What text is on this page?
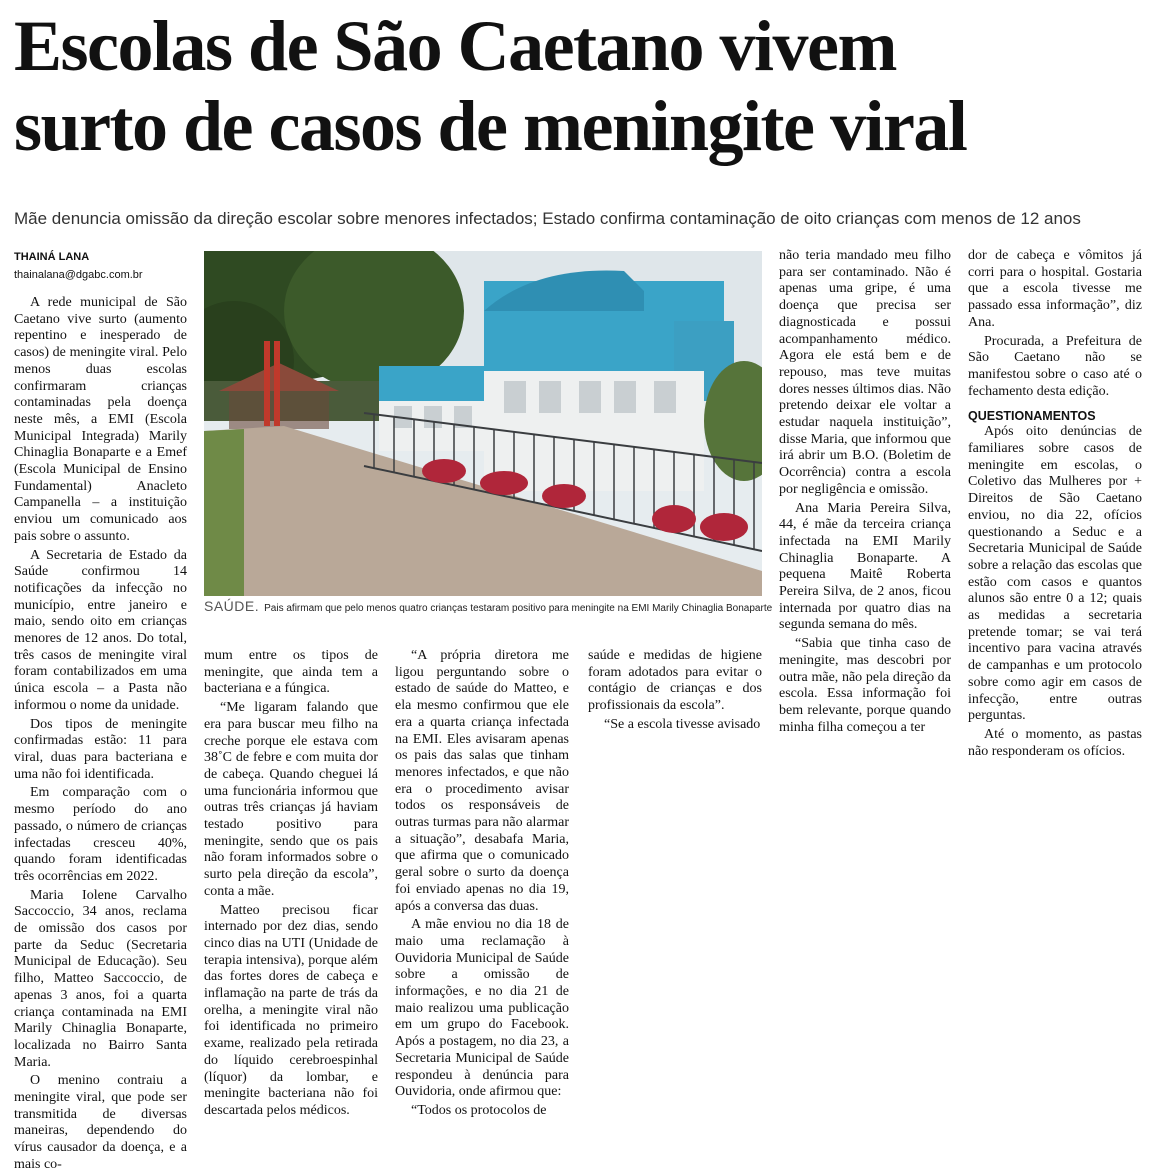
Escolas de São Caetano vivem
surto de casos de meningite viral
Mãe denuncia omissão da direção escolar sobre menores infectados; Estado confirma contaminação de oito crianças com menos de 12 anos
THAINÁ LANA
thainalana@dgabc.com.br
SAÚDE. Pais afirmam que pelo menos quatro crianças testaram positivo para meningite na EMI Marily Chinaglia Bonaparte

A rede municipal de São Caetano vive surto (aumento repentino e inesperado de casos) de meningite viral. Pelo menos duas escolas confirmaram crianças contaminadas pela doença neste mês, a EMI (Escola Municipal Integrada) Marily Chinaglia Bonaparte e a Emef (Escola Municipal de Ensino Fundamental) Anacleto Campanella – a instituição enviou um comunicado aos pais sobre o assunto.

A Secretaria de Estado da Saúde confirmou 14 notificações da infecção no município, entre janeiro e maio, sendo oito em crianças menores de 12 anos. Do total, três casos de meningite viral foram contabilizados em uma única escola – a Pasta não informou o nome da unidade.

Dos tipos de meningite confirmadas estão: 11 para viral, duas para bacteriana e uma não foi identificada.

Em comparação com o mesmo período do ano passado, o número de crianças infectadas cresceu 40%, quando foram identificadas três ocorrências em 2022.

Maria Iolene Carvalho Saccoccio, 34 anos, reclama de omissão dos casos por parte da Seduc (Secretaria Municipal de Educação). Seu filho, Matteo Saccoccio, de apenas 3 anos, foi a quarta criança contaminada na EMI Marily Chinaglia Bonaparte, localizada no Bairro Santa Maria.

O menino contraiu a meningite viral, que pode ser transmitida de diversas maneiras, dependendo do vírus causador da doença, e a mais co-

mum entre os tipos de meningite, que ainda tem a bacteriana e a fúngica.

“Me ligaram falando que era para buscar meu filho na creche porque ele estava com 38˚C de febre e com muita dor de cabeça. Quando cheguei lá uma funcionária informou que outras três crianças já haviam testado positivo para meningite, sendo que os pais não foram informados sobre o surto pela direção da escola”, conta a mãe.

Matteo precisou ficar internado por dez dias, sendo cinco dias na UTI (Unidade de terapia intensiva), porque além das fortes dores de cabeça e inflamação na parte de trás da orelha, a meningite viral não foi identificada no primeiro exame, realizado pela retirada do líquido cerebroespinhal (líquor) da lombar, e meningite bacteriana não foi descartada pelos médicos.

“A própria diretora me ligou perguntando sobre o estado de saúde do Matteo, e ela mesmo confirmou que ele era a quarta criança infectada na EMI. Eles avisaram apenas os pais das salas que tinham menores infectados, e que não era o procedimento avisar todos os responsáveis de outras turmas para não alarmar a situação”, desabafa Maria, que afirma que o comunicado geral sobre o surto da doença foi enviado apenas no dia 19, após a conversa das duas.

A mãe enviou no dia 18 de maio uma reclamação à Ouvidoria Municipal de Saúde sobre a omissão de informações, e no dia 21 de maio realizou uma publicação em um grupo do Facebook. Após a postagem, no dia 23, a Secretaria Municipal de Saúde respondeu à denúncia para Ouvidoria, onde afirmou que:

“Todos os protocolos de

saúde e medidas de higiene foram adotados para evitar o contágio de crianças e dos profissionais da escola”.

“Se a escola tivesse avisado

não teria mandado meu filho para ser contaminado. Não é apenas uma gripe, é uma doença que precisa ser diagnosticada e possui acompanhamento médico. Agora ele está bem e de repouso, mas teve muitas dores nesses últimos dias. Não pretendo deixar ele voltar a estudar naquela instituição”, disse Maria, que informou que irá abrir um B.O. (Boletim de Ocorrência) contra a escola por negligência e omissão.

Ana Maria Pereira Silva, 44, é mãe da terceira criança infectada na EMI Marily Chinaglia Bonaparte. A pequena Maitê Roberta Pereira Silva, de 2 anos, ficou internada por quatro dias na segunda semana do mês.

“Sabia que tinha caso de meningite, mas descobri por outra mãe, não pela direção da escola. Essa informação foi bem relevante, porque quando minha filha começou a ter

dor de cabeça e vômitos já corri para o hospital. Gostaria que a escola tivesse me passado essa informação”, diz Ana.

Procurada, a Prefeitura de São Caetano não se manifestou sobre o caso até o fechamento desta edição.

QUESTIONAMENTOS

Após oito denúncias de familiares sobre casos de meningite em escolas, o Coletivo das Mulheres por + Direitos de São Caetano enviou, no dia 22, ofícios questionando a Seduc e a Secretaria Municipal de Saúde sobre a relação das escolas que estão com casos e quantos alunos são entre 0 a 12; quais as medidas a secretaria pretende tomar; se vai terá incentivo para vacina através de campanhas e um protocolo sobre como agir em casos de infecção, entre outras perguntas.

Até o momento, as pastas não responderam os ofícios.
